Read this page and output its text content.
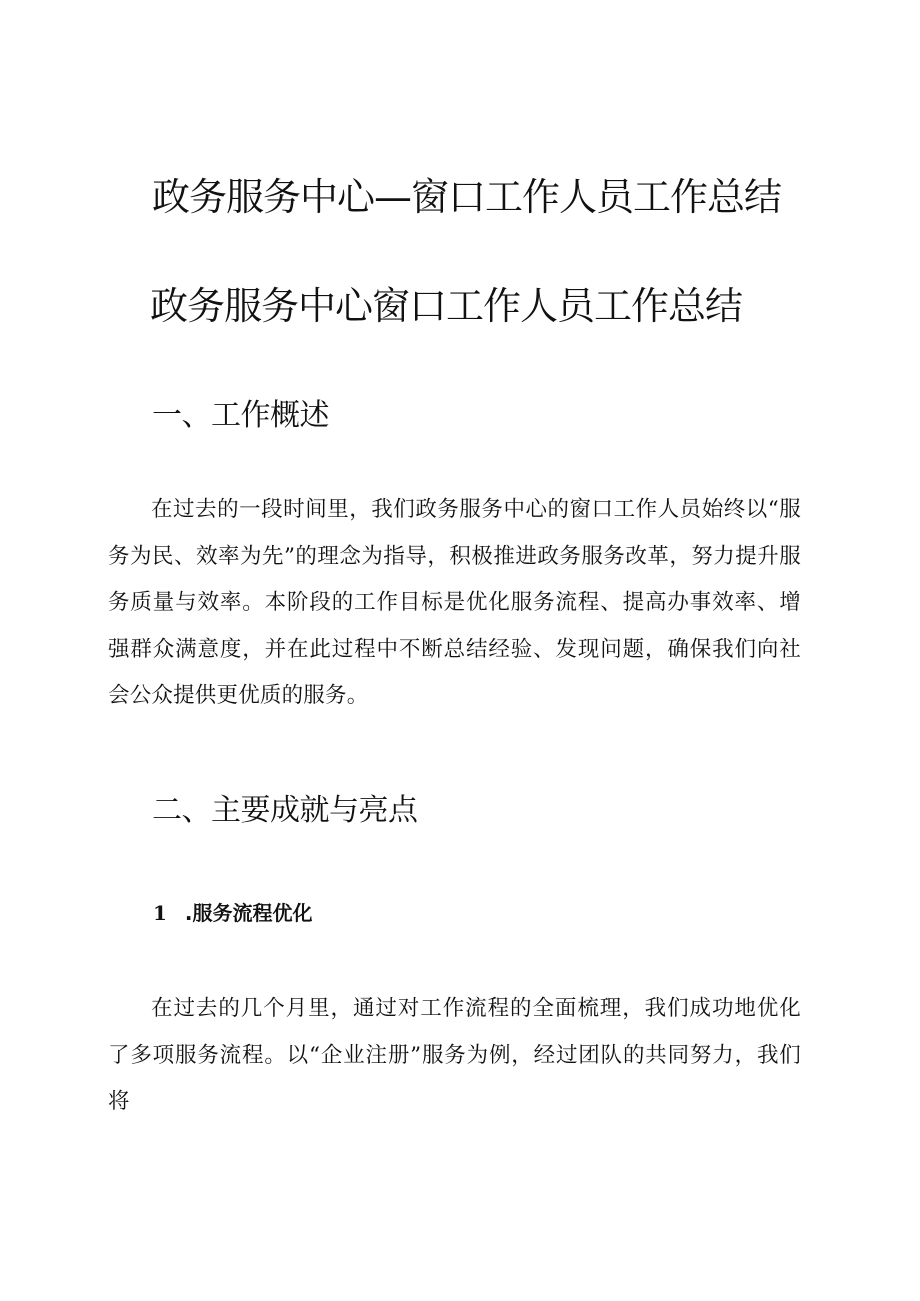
政务服务中心—窗口工作人员工作总结
政务服务中心窗口工作人员工作总结
一、工作概述

在过去的一段时间里，我们政务服务中心的窗口工作人员始终以“服务为民、效率为先”的理念为指导，积极推进政务服务改革，努力提升服务质量与效率。本阶段的工作目标是优化服务流程、提高办事效率、增强群众满意度，并在此过程中不断总结经验、发现问题，确保我们向社会公众提供更优质的服务。

二、主要成就与亮点
1 .服务流程优化

在过去的几个月里，通过对工作流程的全面梳理，我们成功地优化了多项服务流程。以“企业注册”服务为例，经过团队的共同努力，我们将
